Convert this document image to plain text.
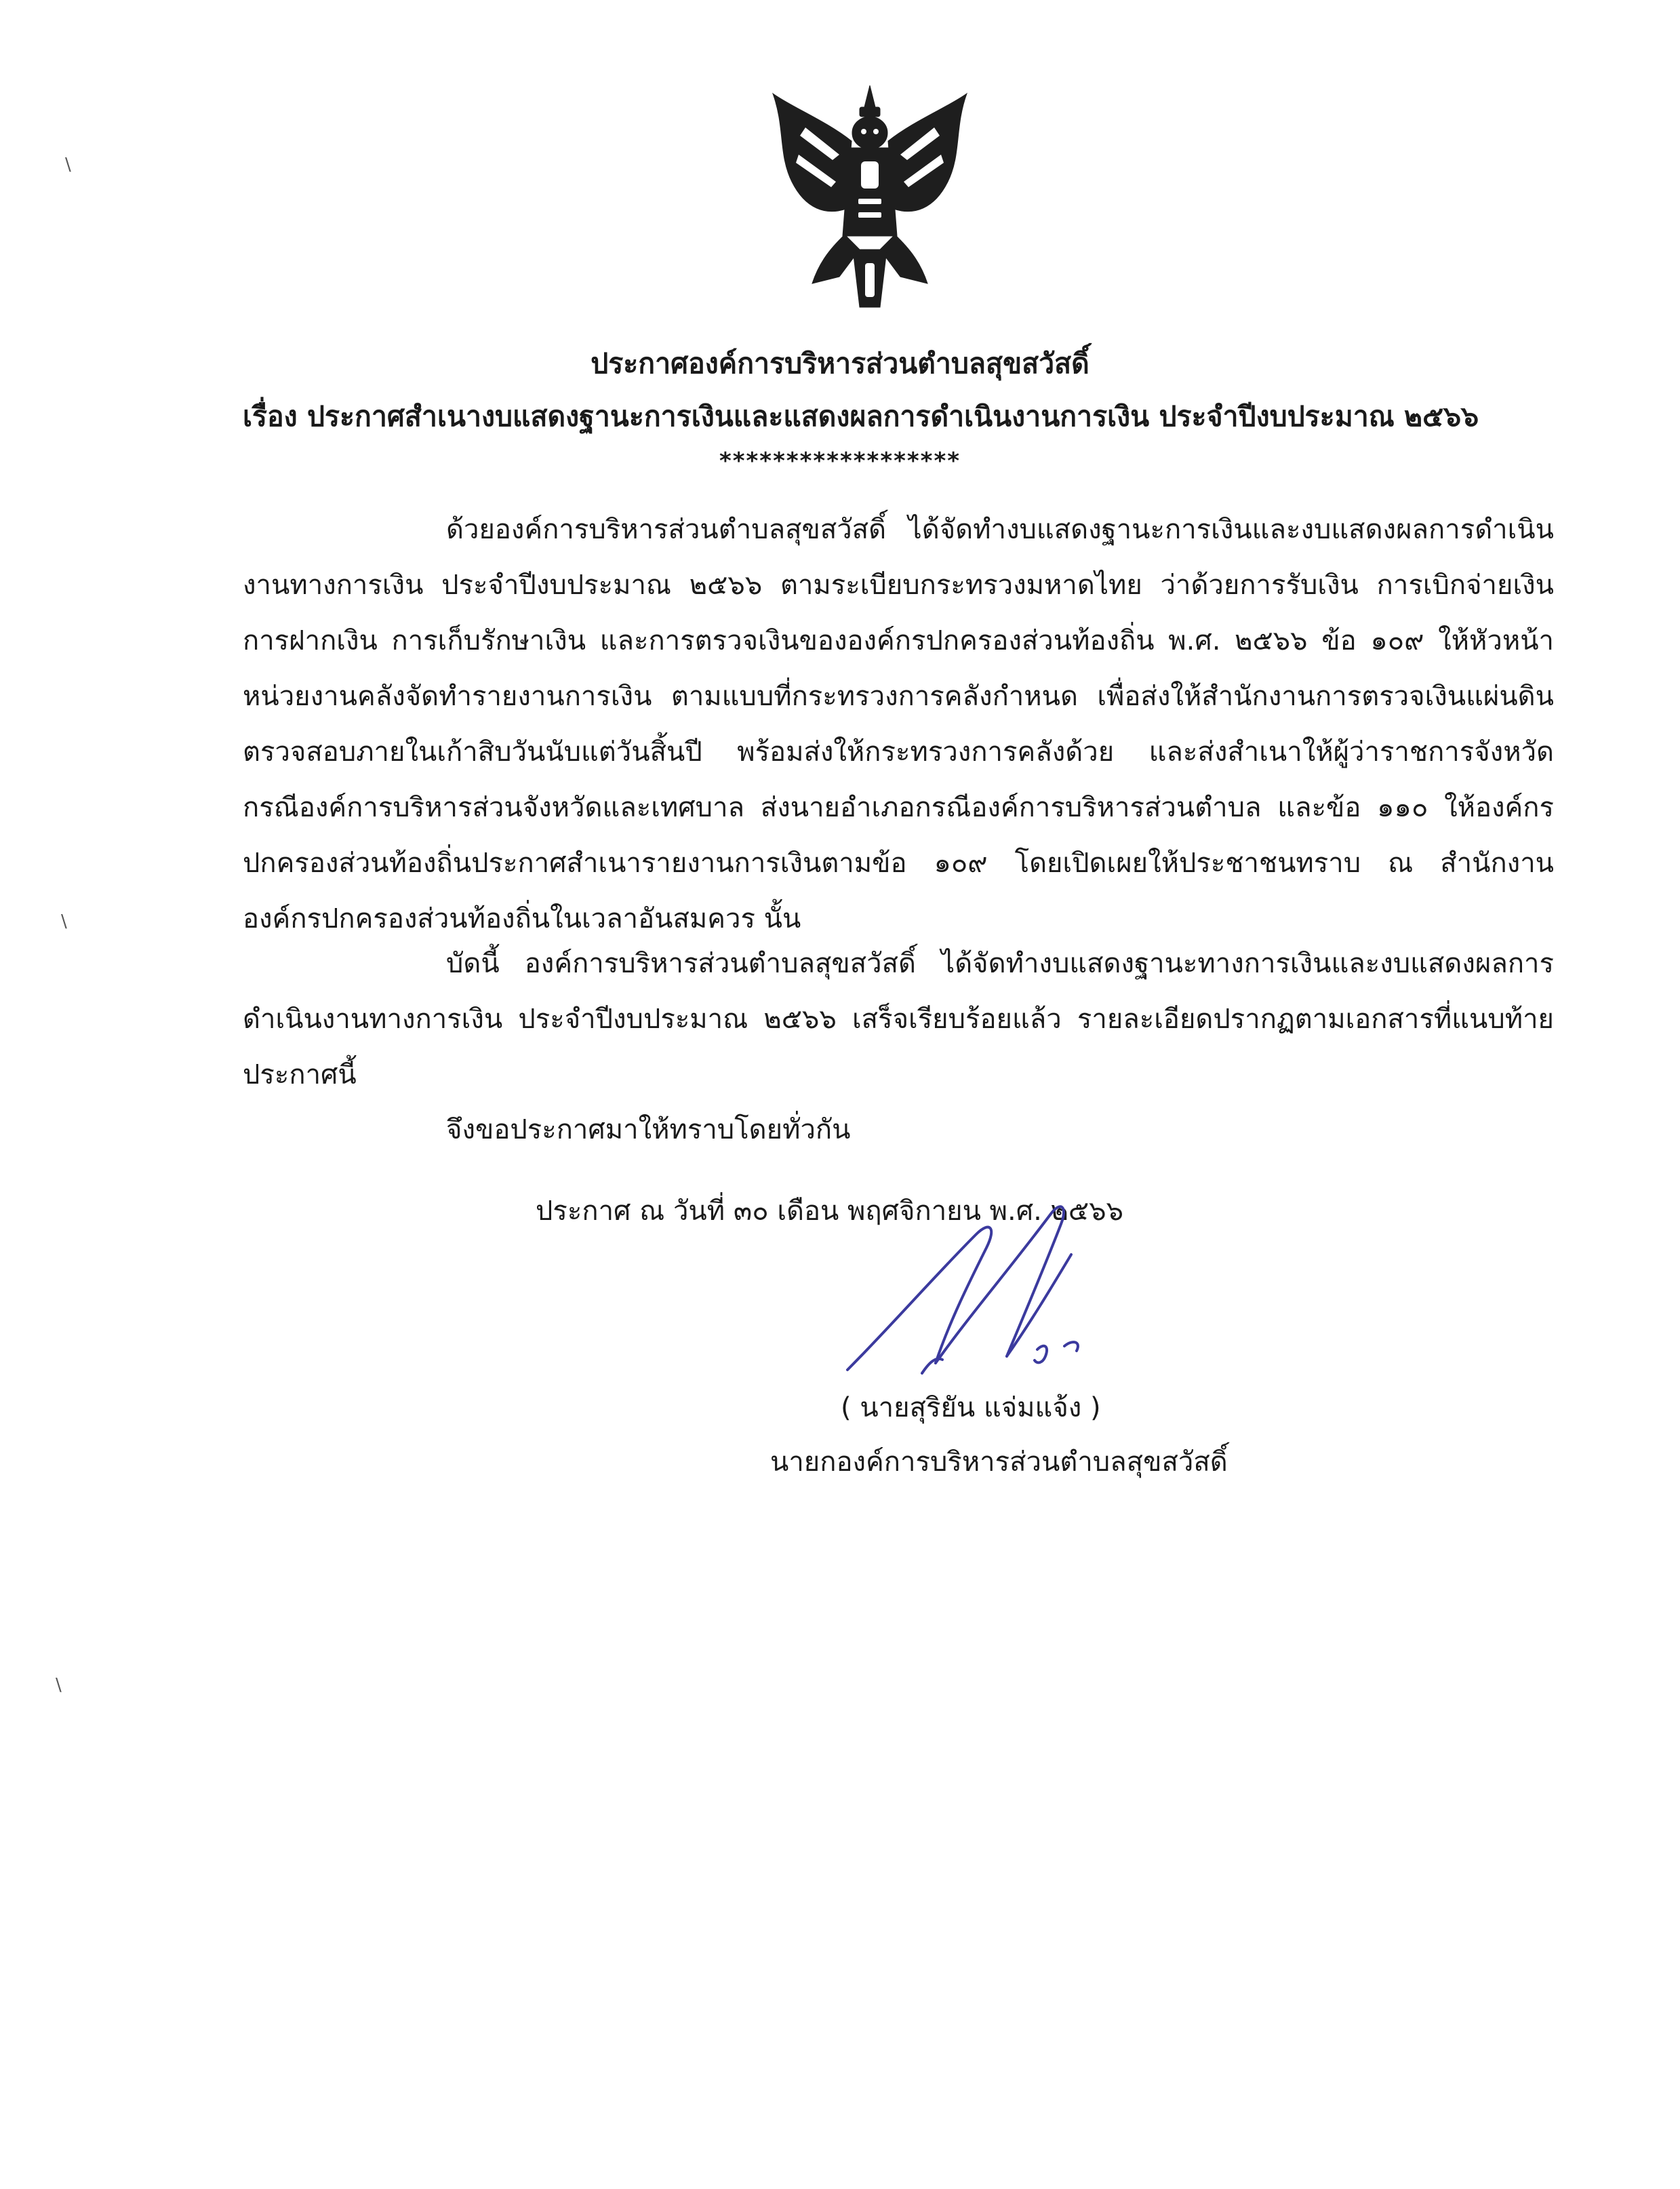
ประกาศองค์การบริหารส่วนตำบลสุขสวัสดิ์
เรื่อง ประกาศสำเนางบแสดงฐานะการเงินและแสดงผลการดำเนินงานการเงิน ประจำปีงบประมาณ ๒๕๖๖
******************

ด้วยองค์การบริหารส่วนตำบลสุขสวัสดิ์ ได้จัดทำงบแสดงฐานะการเงินและงบแสดงผลการดำเนินงานทางการเงิน ประจำปีงบประมาณ ๒๕๖๖ ตามระเบียบกระทรวงมหาดไทย ว่าด้วยการรับเงิน การเบิกจ่ายเงิน การฝากเงิน การเก็บรักษาเงิน และการตรวจเงินขององค์กรปกครองส่วนท้องถิ่น พ.ศ. ๒๕๖๖ ข้อ ๑๐๙ ให้หัวหน้าหน่วยงานคลังจัดทำรายงานการเงิน ตามแบบที่กระทรวงการคลังกำหนด เพื่อส่งให้สำนักงานการตรวจเงินแผ่นดินตรวจสอบภายในเก้าสิบวันนับแต่วันสิ้นปี พร้อมส่งให้กระทรวงการคลังด้วย และส่งสำเนาให้ผู้ว่าราชการจังหวัดกรณีองค์การบริหารส่วนจังหวัดและเทศบาล ส่งนายอำเภอกรณีองค์การบริหารส่วนตำบล และข้อ ๑๑๐ ให้องค์กรปกครองส่วนท้องถิ่นประกาศสำเนารายงานการเงินตามข้อ ๑๐๙ โดยเปิดเผยให้ประชาชนทราบ ณ สำนักงานองค์กรปกครองส่วนท้องถิ่นในเวลาอันสมควร นั้น

บัดนี้ องค์การบริหารส่วนตำบลสุขสวัสดิ์ ได้จัดทำงบแสดงฐานะทางการเงินและงบแสดงผลการดำเนินงานทางการเงิน ประจำปีงบประมาณ ๒๕๖๖ เสร็จเรียบร้อยแล้ว รายละเอียดปรากฏตามเอกสารที่แนบท้ายประกาศนี้

จึงขอประกาศมาให้ทราบโดยทั่วกัน
ประกาศ ณ วันที่ ๓๐ เดือน พฤศจิกายน พ.ศ. ๒๕๖๖
( นายสุริยัน แจ่มแจ้ง )
นายกองค์การบริหารส่วนตำบลสุขสวัสดิ์
\
\
\
